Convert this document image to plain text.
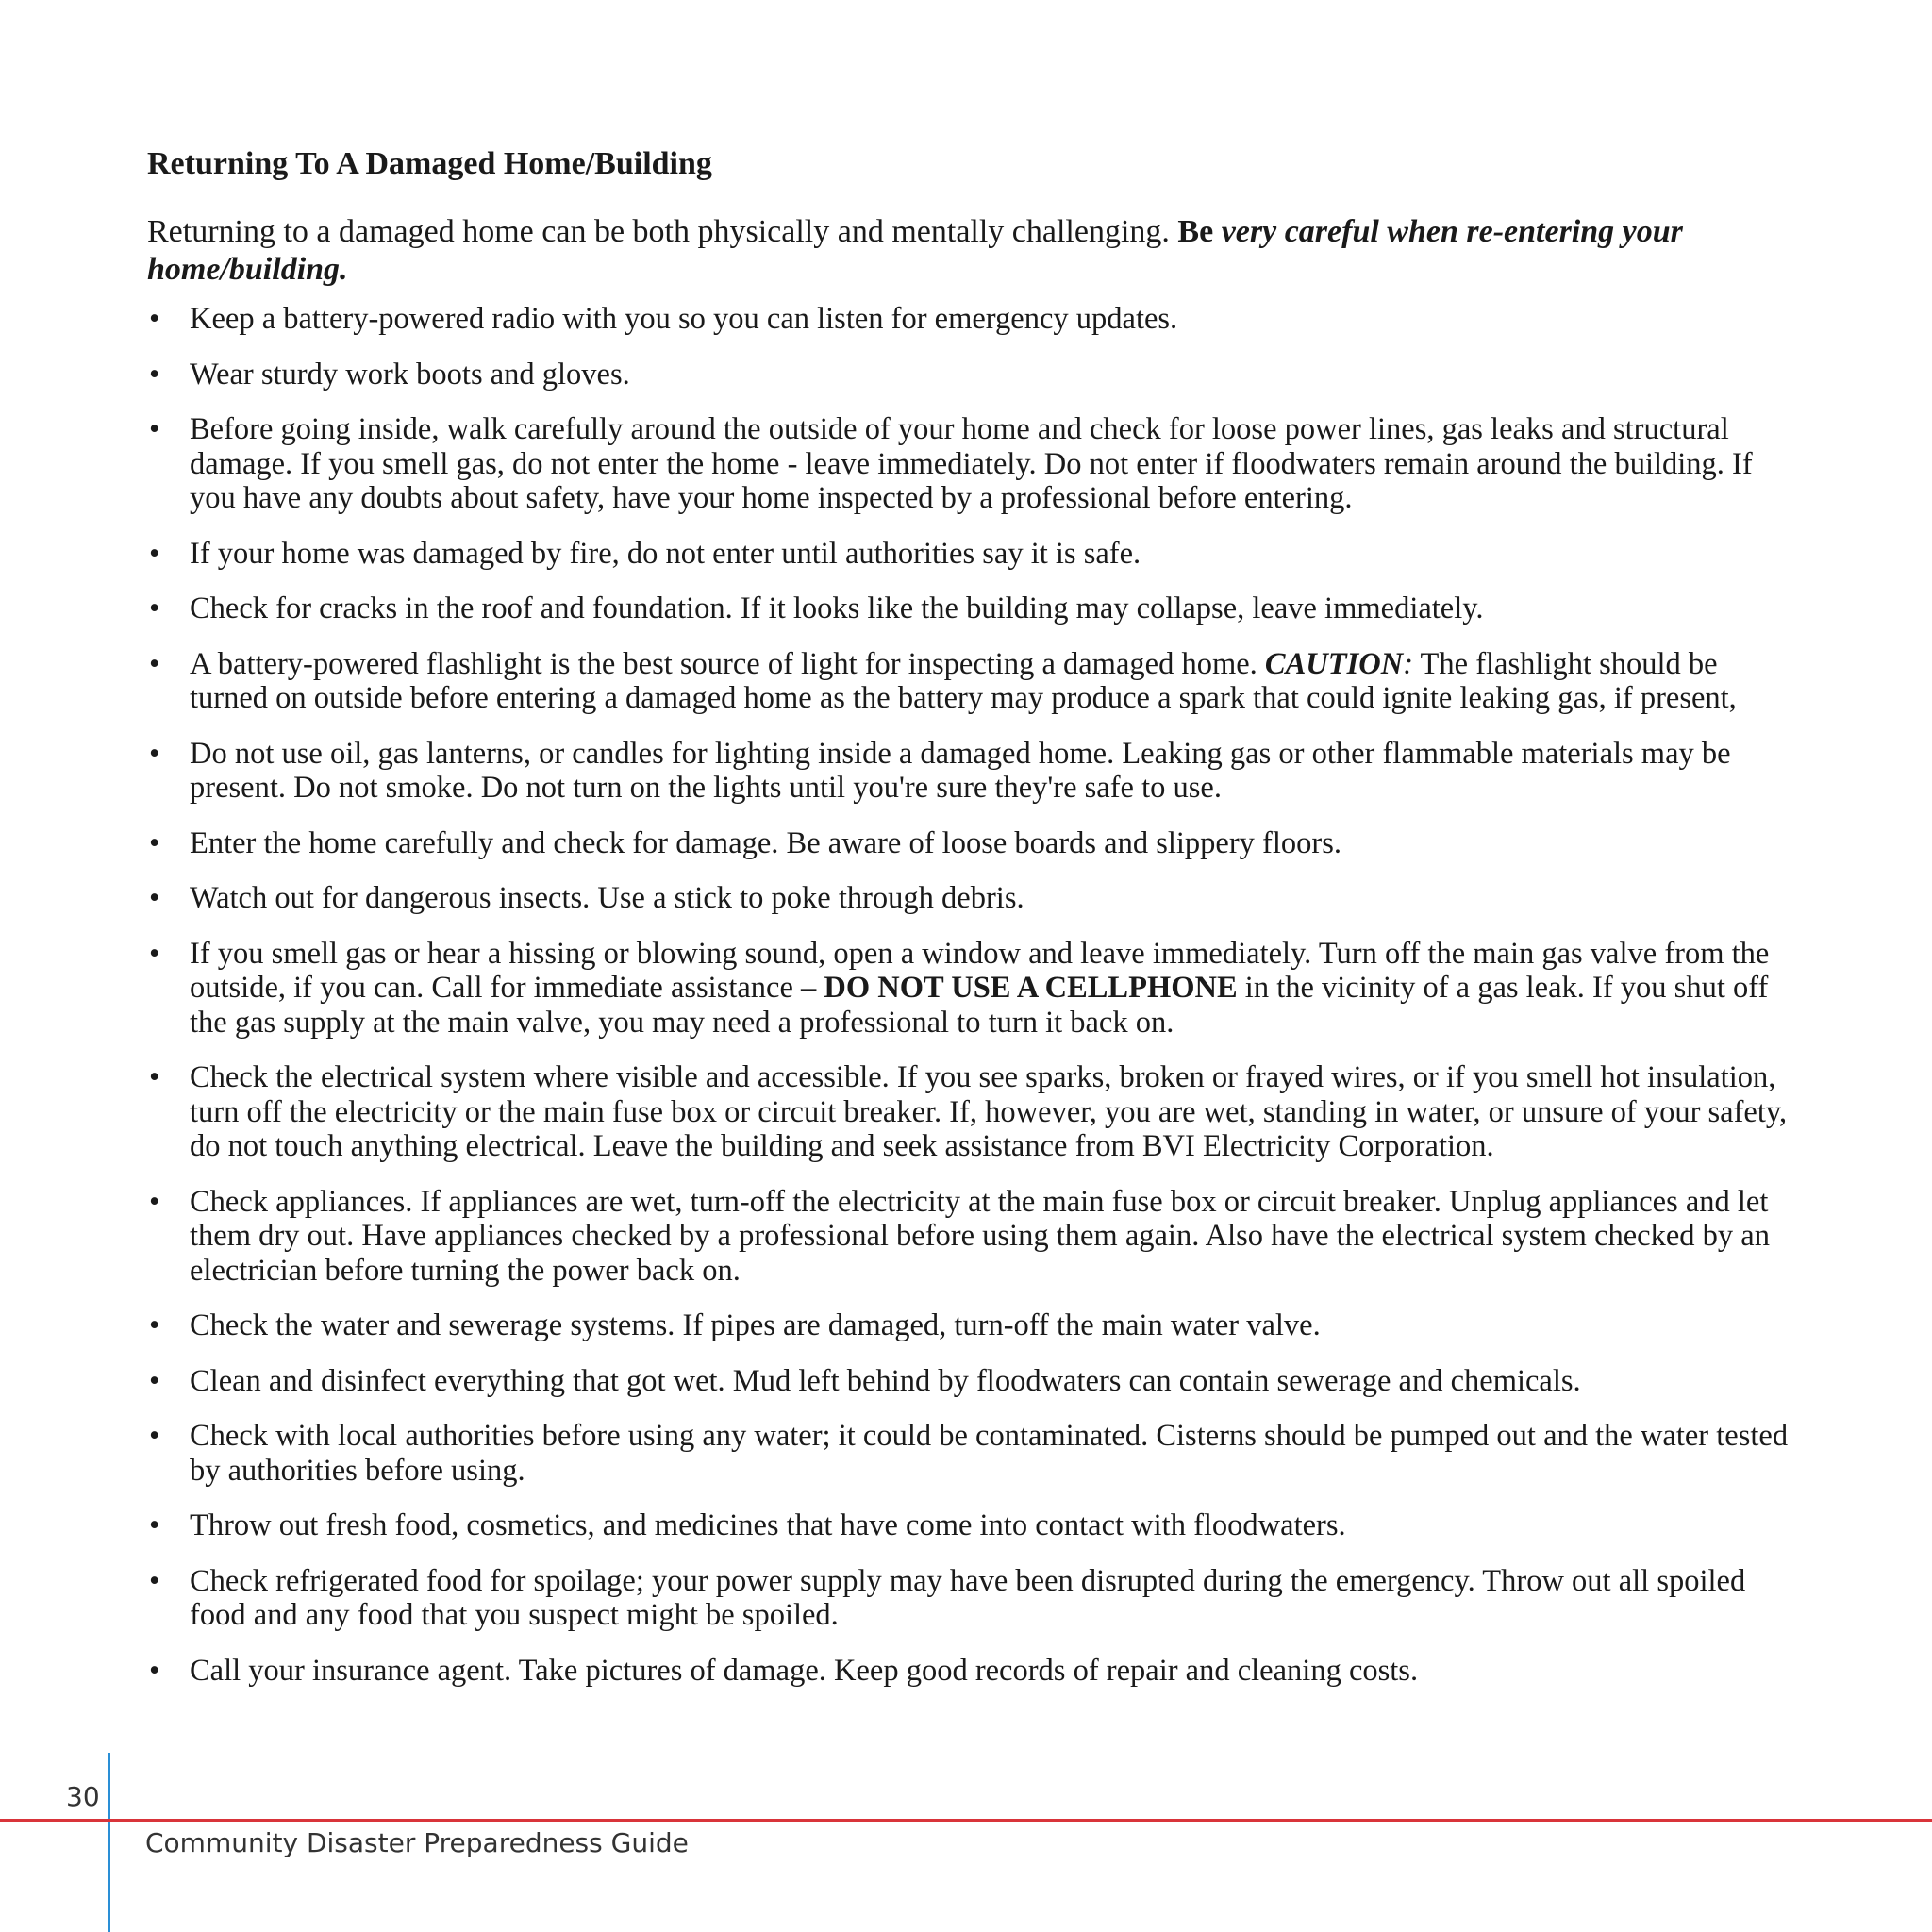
Returning To A Damaged Home/Building

Returning to a damaged home can be both physically and mentally challenging. Be very careful when re-entering your home/building.

• Keep a battery-powered radio with you so you can listen for emergency updates.
• Wear sturdy work boots and gloves.
• Before going inside, walk carefully around the outside of your home and check for loose power lines, gas leaks and structural damage. If you smell gas, do not enter the home - leave immediately. Do not enter if floodwaters remain around the building. If you have any doubts about safety, have your home inspected by a professional before entering.
• If your home was damaged by fire, do not enter until authorities say it is safe.
• Check for cracks in the roof and foundation. If it looks like the building may collapse, leave immediately.
• A battery-powered flashlight is the best source of light for inspecting a damaged home. CAUTION: The flashlight should be turned on outside before entering a damaged home as the battery may produce a spark that could ignite leaking gas, if present,
• Do not use oil, gas lanterns, or candles for lighting inside a damaged home. Leaking gas or other flammable materials may be present. Do not smoke. Do not turn on the lights until you're sure they're safe to use.
• Enter the home carefully and check for damage. Be aware of loose boards and slippery floors.
• Watch out for dangerous insects. Use a stick to poke through debris.
• If you smell gas or hear a hissing or blowing sound, open a window and leave immediately. Turn off the main gas valve from the outside, if you can. Call for immediate assistance – DO NOT USE A CELLPHONE in the vicinity of a gas leak. If you shut off the gas supply at the main valve, you may need a professional to turn it back on.
• Check the electrical system where visible and accessible. If you see sparks, broken or frayed wires, or if you smell hot insulation, turn off the electricity or the main fuse box or circuit breaker. If, however, you are wet, standing in water, or unsure of your safety, do not touch anything electrical. Leave the building and seek assistance from BVI Electricity Corporation.
• Check appliances. If appliances are wet, turn-off the electricity at the main fuse box or circuit breaker. Unplug appliances and let them dry out. Have appliances checked by a professional before using them again. Also have the electrical system checked by an electrician before turning the power back on.
• Check the water and sewerage systems. If pipes are damaged, turn-off the main water valve.
• Clean and disinfect everything that got wet. Mud left behind by floodwaters can contain sewerage and chemicals.
• Check with local authorities before using any water; it could be contaminated. Cisterns should be pumped out and the water tested by authorities before using.
• Throw out fresh food, cosmetics, and medicines that have come into contact with floodwaters.
• Check refrigerated food for spoilage; your power supply may have been disrupted during the emergency. Throw out all spoiled food and any food that you suspect might be spoiled.
• Call your insurance agent. Take pictures of damage. Keep good records of repair and cleaning costs.
30
Community Disaster Preparedness Guide
